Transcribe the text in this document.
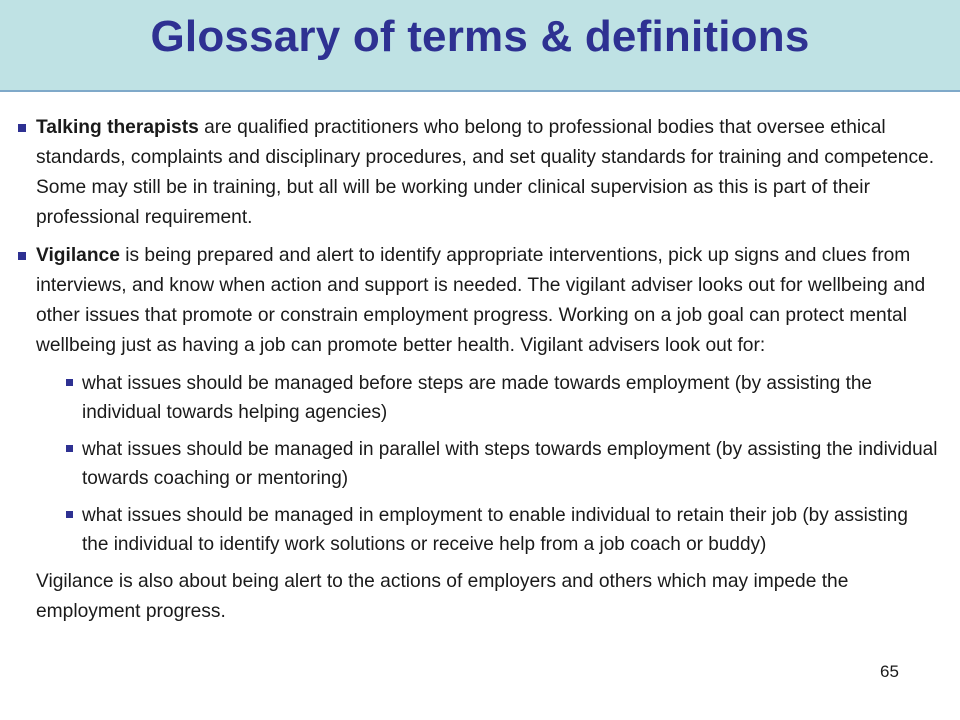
Glossary of terms & definitions
Talking therapists are qualified practitioners who belong to professional bodies that oversee ethical standards, complaints and disciplinary procedures, and set quality standards for training and competence. Some may still be in training, but all will be working under clinical supervision as this is part of their professional requirement.
Vigilance is being prepared and alert to identify appropriate interventions, pick up signs and clues from interviews, and know when action and support is needed. The vigilant adviser looks out for wellbeing and other issues that promote or constrain employment progress. Working on a job goal can protect mental wellbeing just as having a job can promote better health. Vigilant advisers look out for:
what issues should be managed before steps are made towards employment (by assisting the individual towards helping agencies)
what issues should be managed in parallel with steps towards employment (by assisting the individual towards coaching or mentoring)
what issues should be managed in employment to enable individual to retain their job (by assisting the individual to identify work solutions or receive help from a job coach or buddy)
Vigilance is also about being alert to the actions of employers and others which may impede the employment progress.
65
